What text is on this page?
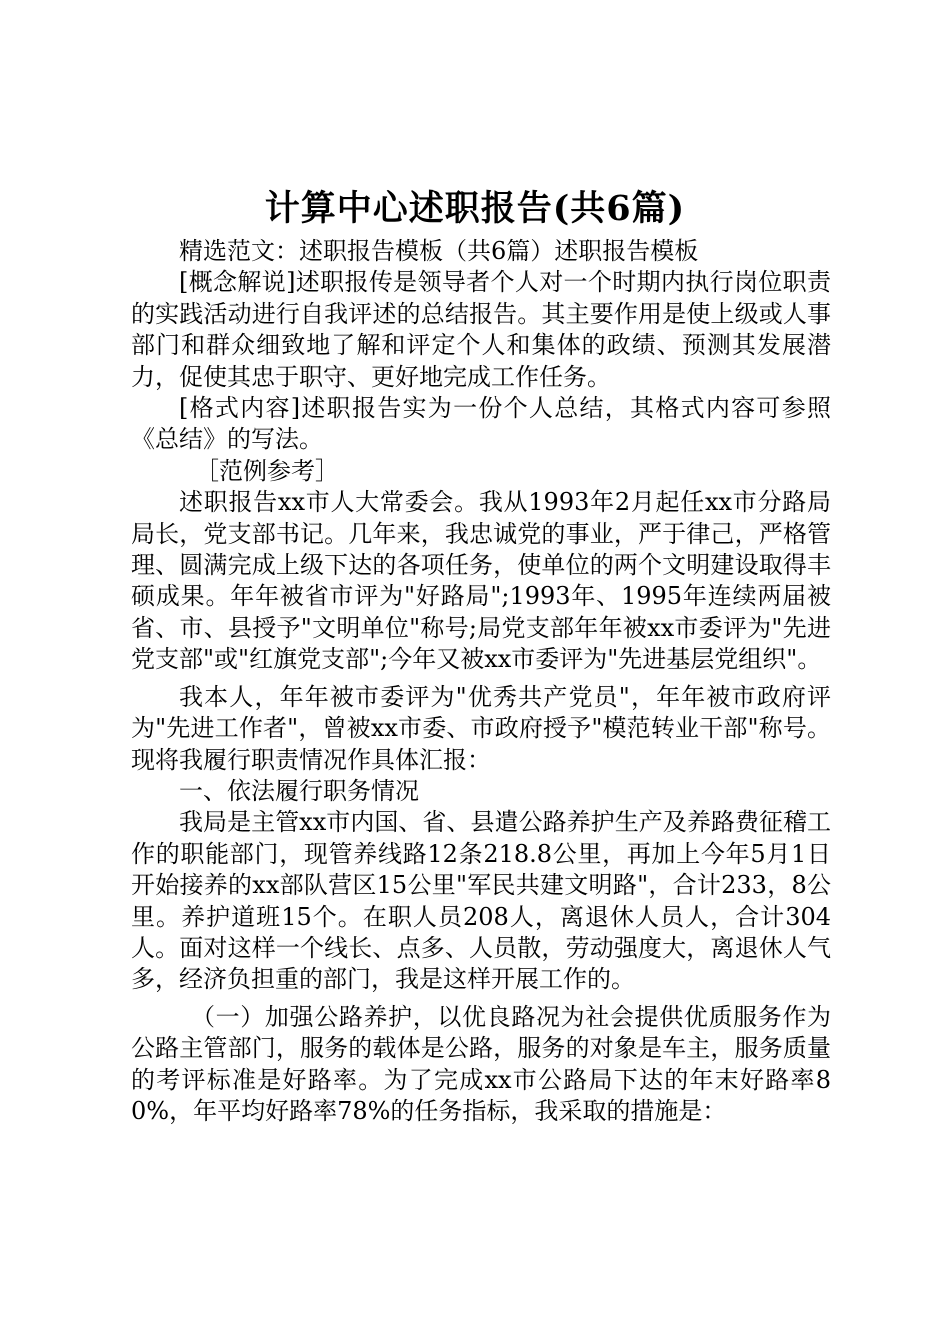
计算中心述职报告(共6篇)

精选范文：述职报告模板（共6篇）述职报告模板

[概念解说]述职报传是领导者个人对一个时期内执行岗位职责的实践活动进行自我评述的总结报告。其主要作用是使上级或人事部门和群众细致地了解和评定个人和集体的政绩、预测其发展潜力，促使其忠于职守、更好地完成工作任务。

[格式内容]述职报告实为一份个人总结，其格式内容可参照《总结》的写法。

［范例参考］

述职报告xx市人大常委会。我从1993年2月起任xx市分路局局长，党支部书记。几年来，我忠诚党的事业，严于律己，严格管理、圆满完成上级下达的各项任务，使单位的两个文明建设取得丰硕成果。年年被省市评为"好路局";1993年、1995年连续两届被省、市、县授予"文明单位"称号;局党支部年年被xx市委评为"先进党支部"或"红旗党支部";今年又被xx市委评为"先进基层党组织"。

我本人，年年被市委评为"优秀共产党员"，年年被市政府评为"先进工作者"，曾被xx市委、市政府授予"模范转业干部"称号。现将我履行职责情况作具体汇报：

一、依法履行职务情况

我局是主管xx市内国、省、县遣公路养护生产及养路费征稽工作的职能部门，现管养线路12条218.8公里，再加上今年5月1日开始接养的xx部队营区15公里"军民共建文明路"，合计233，8公里。养护道班15个。在职人员208人，离退休人员人，合计304人。面对这样一个线长、点多、人员散，劳动强度大，离退休人气多，经济负担重的部门，我是这样开展工作的。

（一）加强公路养护，以优良路况为社会提供优质服务作为公路主管部门，服务的载体是公路，服务的对象是车主，服务质量的考评标准是好路率。为了完成xx市公路局下达的年末好路率80%，年平均好路率78%的任务指标，我采取的措施是：
